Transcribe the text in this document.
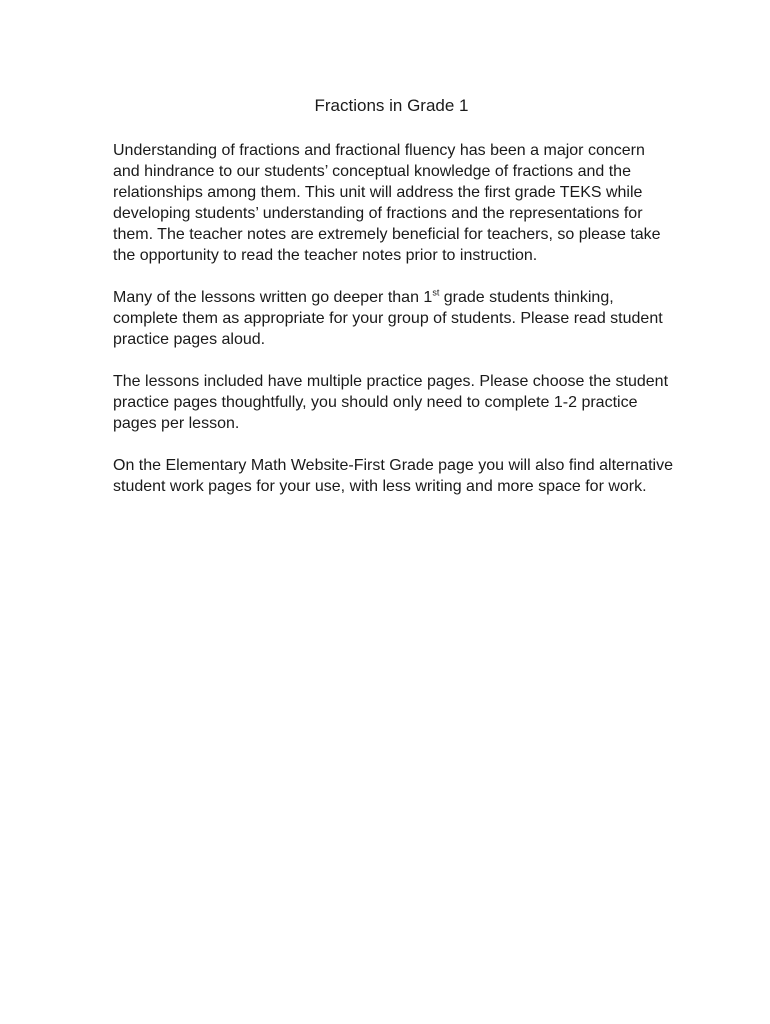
Fractions in Grade 1

Understanding of fractions and fractional fluency has been a major concern and hindrance to our students’ conceptual knowledge of fractions and the relationships among them. This unit will address the first grade TEKS while developing students’ understanding of fractions and the representations for them. The teacher notes are extremely beneficial for teachers, so please take the opportunity to read the teacher notes prior to instruction.

Many of the lessons written go deeper than 1st grade students thinking, complete them as appropriate for your group of students. Please read student practice pages aloud.

The lessons included have multiple practice pages. Please choose the student practice pages thoughtfully, you should only need to complete 1-2 practice pages per lesson.

On the Elementary Math Website-First Grade page you will also find alternative student work pages for your use, with less writing and more space for work.
